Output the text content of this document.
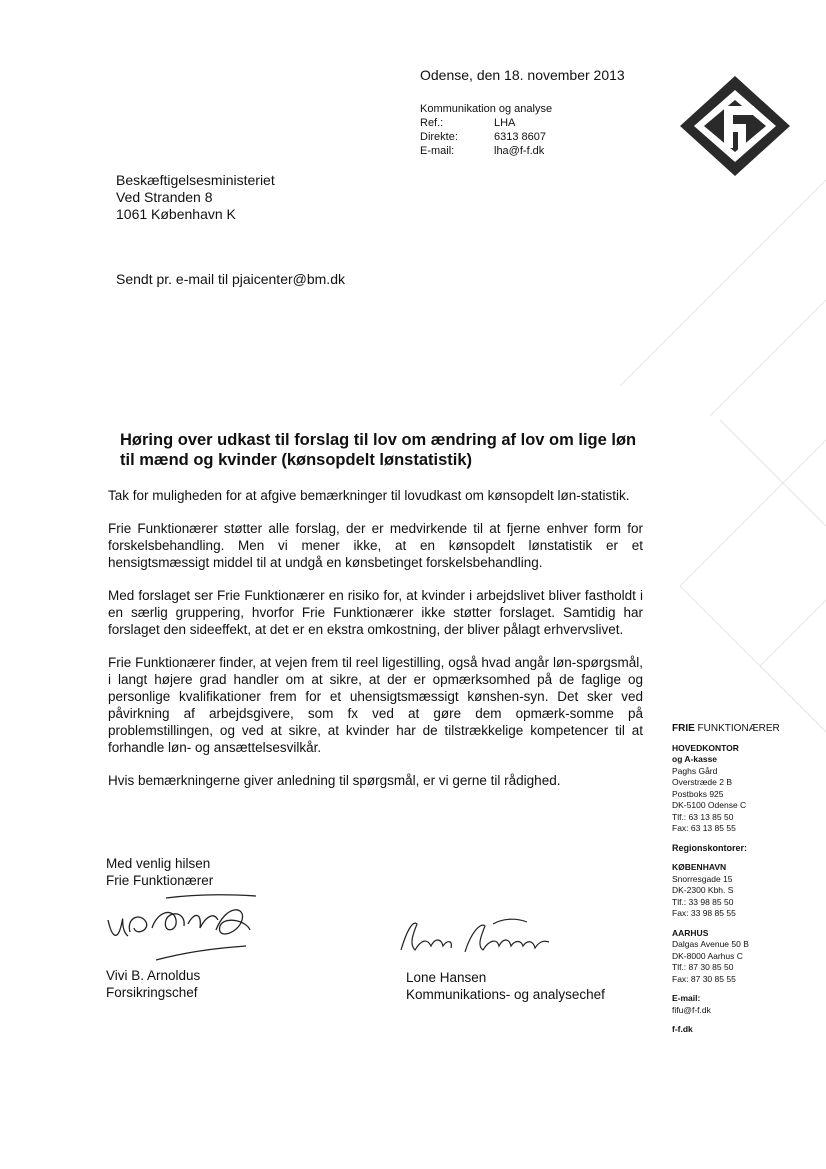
Odense, den 18. november 2013
Kommunikation og analyse
Ref.:	LHA
Direkte:	6313 8607
E-mail:	lha@f-f.dk
Beskæftigelsesministeriet
Ved Stranden 8
1061 København K
Sendt pr. e-mail til pjaicenter@bm.dk
Høring over udkast til forslag til lov om ændring af lov om lige løn til mænd og kvinder (kønsopdelt lønstatistik)

Tak for muligheden for at afgive bemærkninger til lovudkast om kønsopdelt løn-statistik.

Frie Funktionærer støtter alle forslag, der er medvirkende til at fjerne enhver form for forskelsbehandling. Men vi mener ikke, at en kønsopdelt lønstatistik er et hensigtsmæssigt middel til at undgå en kønsbetinget forskelsbehandling.

Med forslaget ser Frie Funktionærer en risiko for, at kvinder i arbejdslivet bliver fastholdt i en særlig gruppering, hvorfor Frie Funktionærer ikke støtter forslaget. Samtidig har forslaget den sideeffekt, at det er en ekstra omkostning, der bliver pålagt erhvervslivet.

Frie Funktionærer finder, at vejen frem til reel ligestilling, også hvad angår løn-spørgsmål, i langt højere grad handler om at sikre, at der er opmærksomhed på de faglige og personlige kvalifikationer frem for et uhensigtsmæssigt kønshen-syn. Det sker ved påvirkning af arbejdsgivere, som fx ved at gøre dem opmærk-somme på problemstillingen, og ved at sikre, at kvinder har de tilstrækkelige kompetencer til at forhandle løn- og ansættelsesvilkår.

Hvis bemærkningerne giver anledning til spørgsmål, er vi gerne til rådighed.

Med venlig hilsen
Frie Funktionærer
Vivi B. Arnoldus
Forsikringschef
Lone Hansen
Kommunikations- og analysechef
FRIE FUNKTIONÆRER
HOVEDKONTOR
og A-kasse
Paghs Gård
Overstræde 2 B
Postboks 925
DK-5100 Odense C
Tlf.: 63 13 85 50
Fax: 63 13 85 55
Regionskontorer:
KØBENHAVN
Snorresgade 15
DK-2300 Kbh. S
Tlf.: 33 98 85 50
Fax: 33 98 85 55
AARHUS
Dalgas Avenue 50 B
DK-8000 Aarhus C
Tlf.: 87 30 85 50
Fax: 87 30 85 55
E-mail:
fifu@f-f.dk
f-f.dk
